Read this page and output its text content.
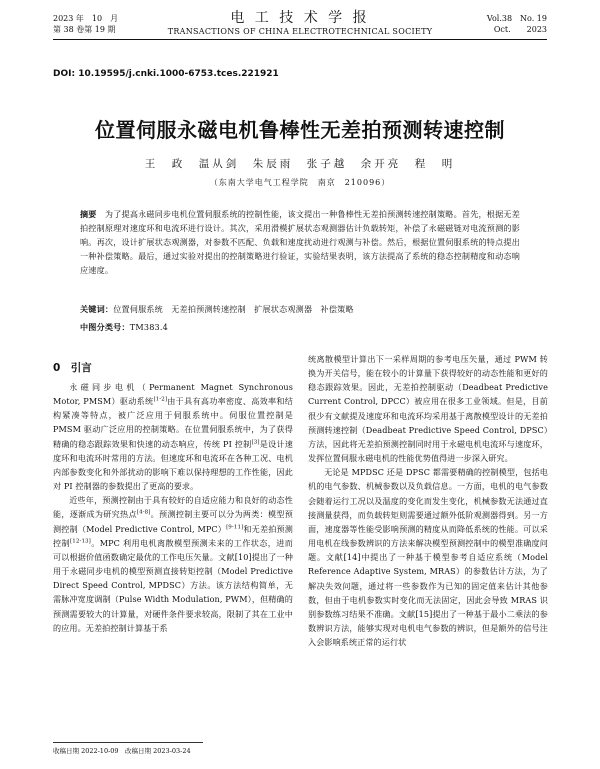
2023 年　10　月
第 38 卷第 19 期
电 工 技 术 学 报
TRANSACTIONS OF CHINA ELECTROTECHNICAL SOCIETY
Vol.38　No. 19
Oct.　　2023
DOI: 10.19595/j.cnki.1000-6753.tces.221921
位置伺服永磁电机鲁棒性无差拍预测转速控制
王　政　温从剑　朱辰雨　张子越　余开亮　程　明
（东南大学电气工程学院　南京　210096）
摘要　 为了提高永磁同步电机位置伺服系统的控制性能，该文提出一种鲁棒性无差拍预测转速控制策略。首先，根据无差拍控制原理对速度环和电流环进行设计。其次，采用滑模扩展状态观测器估计负载转矩，补偿了永磁磁链对电流预测的影响。再次，设计扩展状态观测器，对参数不匹配、负载和速度扰动进行观测与补偿。然后，根据位置伺服系统的特点提出一种补偿策略。最后，通过实验对提出的控制策略进行验证，实验结果表明，该方法提高了系统的稳态控制精度和动态响应速度。
关键词：位置伺服系统　无差拍预测转速控制　扩展状态观测器　补偿策略
中图分类号：TM383.4
0　引言

永磁同步电机（Permanent Magnet Synchronous Motor, PMSM）驱动系统[1-2]由于具有高功率密度、高效率和结构紧凑等特点，被广泛应用于伺服系统中。伺服位置控制是 PMSM 驱动广泛应用的控制策略。在位置伺服系统中，为了获得精确的稳态跟踪效果和快速的动态响应，传统 PI 控制[3]是设计速度环和电流环时常用的方法。但速度环和电流环在各种工况、电机内部参数变化和外部扰动的影响下难以保持理想的工作性能，因此对 PI 控制器的参数提出了更高的要求。

近些年，预测控制由于具有较好的自适应能力和良好的动态性能，逐渐成为研究热点[4-8]。预测控制主要可以分为两类：模型预测控制（Model Predictive Control, MPC）[9-11]和无差拍预测控制[12-13]。MPC 利用电机离散模型预测未来的工作状态，进而可以根据价值函数确定最优的工作电压矢量。文献[10]提出了一种用于永磁同步电机的模型预测直接转矩控制（Model Predictive Direct Speed Control, MPDSC）方法。该方法结构简单，无需脉冲宽度调制（Pulse Width Modulation, PWM），但精确的预测需要较大的计算量，对硬件条件要求较高，限制了其在工业中的应用。无差拍控制计算基于系

统离散模型计算出下一采样周期的参考电压矢量，通过 PWM 转换为开关信号，能在较小的计算量下获得较好的动态性能和更好的稳态跟踪效果。因此，无差拍控制驱动（Deadbeat Predictive Current Control, DPCC）被应用在很多工业领域。但是，目前很少有文献提及速度环和电流环均采用基于离散模型设计的无差拍预测转速控制（Deadbeat Predictive Speed Control, DPSC）方法，因此将无差拍预测控制同时用于永磁电机电流环与速度环，发挥位置伺服永磁电机的性能优势值得进一步深入研究。

无论是 MPDSC 还是 DPSC 都需要精确的控制模型，包括电机的电气参数、机械参数以及负载信息。一方面，电机的电气参数会随着运行工况以及温度的变化而发生变化，机械参数无法通过直接测量获得，而负载转矩则需要通过额外低阶观测器得到。另一方面，速度器等性能受影响预测的精度从而降低系统的性能。可以采用电机在线参数辨识的方法来解决模型预测控制中的模型准确度问题。文献[14]中提出了一种基于模型参考自适应系统（Model Reference Adaptive System, MRAS）的参数估计方法，为了解决失效问题，通过将一些参数作为已知的固定值来估计其他参数，但由于电机参数实时变化而无法固定，因此会导致 MRAS 识别参数练习结果不准确。文献[15]提出了一种基于最小二乘法的参数辨识方法，能够实现对电机电气参数的辨识，但是额外的信号注入会影响系统正常的运行状

收稿日期 2022-10-09　改稿日期 2023-03-24
